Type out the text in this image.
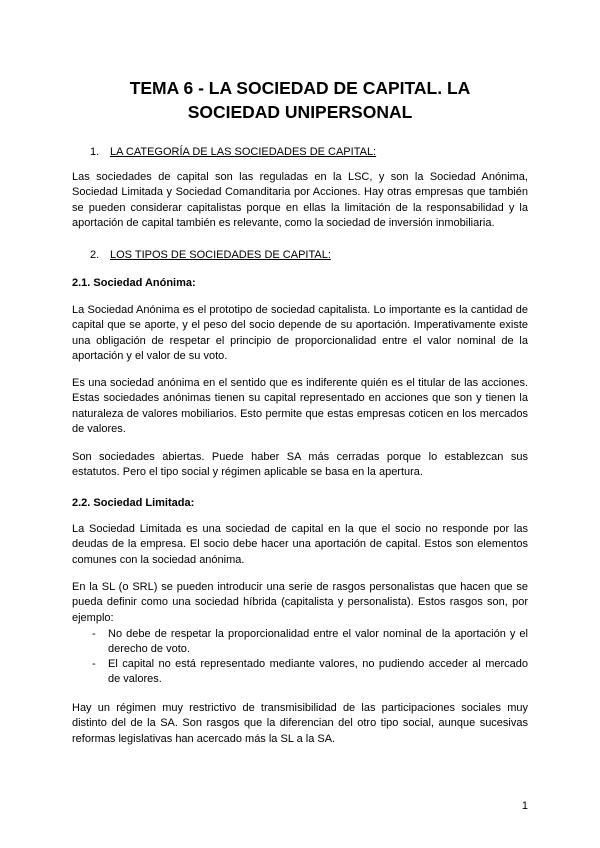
TEMA 6 - LA SOCIEDAD DE CAPITAL. LA
SOCIEDAD UNIPERSONAL
1. LA CATEGORÍA DE LAS SOCIEDADES DE CAPITAL:
Las sociedades de capital son las reguladas en la LSC, y son la Sociedad Anónima, Sociedad Limitada y Sociedad Comanditaria por Acciones. Hay otras empresas que también se pueden considerar capitalistas porque en ellas la limitación de la responsabilidad y la aportación de capital también es relevante, como la sociedad de inversión inmobiliaria.
2. LOS TIPOS DE SOCIEDADES DE CAPITAL:
2.1. Sociedad Anónima:
La Sociedad Anónima es el prototipo de sociedad capitalista. Lo importante es la cantidad de capital que se aporte, y el peso del socio depende de su aportación. Imperativamente existe una obligación de respetar el principio de proporcionalidad entre el valor nominal de la aportación y el valor de su voto.
Es una sociedad anónima en el sentido que es indiferente quién es el titular de las acciones. Estas sociedades anónimas tienen su capital representado en acciones que son y tienen la naturaleza de valores mobiliarios. Esto permite que estas empresas coticen en los mercados de valores.
Son sociedades abiertas. Puede haber SA más cerradas porque lo establezcan sus estatutos. Pero el tipo social y régimen aplicable se basa en la apertura.
2.2. Sociedad Limitada:
La Sociedad Limitada es una sociedad de capital en la que el socio no responde por las deudas de la empresa. El socio debe hacer una aportación de capital. Estos son elementos comunes con la sociedad anónima.
En la SL (o SRL) se pueden introducir una serie de rasgos personalistas que hacen que se pueda definir como una sociedad híbrida (capitalista y personalista). Estos rasgos son, por ejemplo:
- No debe de respetar la proporcionalidad entre el valor nominal de la aportación y el derecho de voto.
- El capital no está representado mediante valores, no pudiendo acceder al mercado de valores.
Hay un régimen muy restrictivo de transmisibilidad de las participaciones sociales muy distinto del de la SA. Son rasgos que la diferencian del otro tipo social, aunque sucesivas reformas legislativas han acercado más la SL a la SA.
1
